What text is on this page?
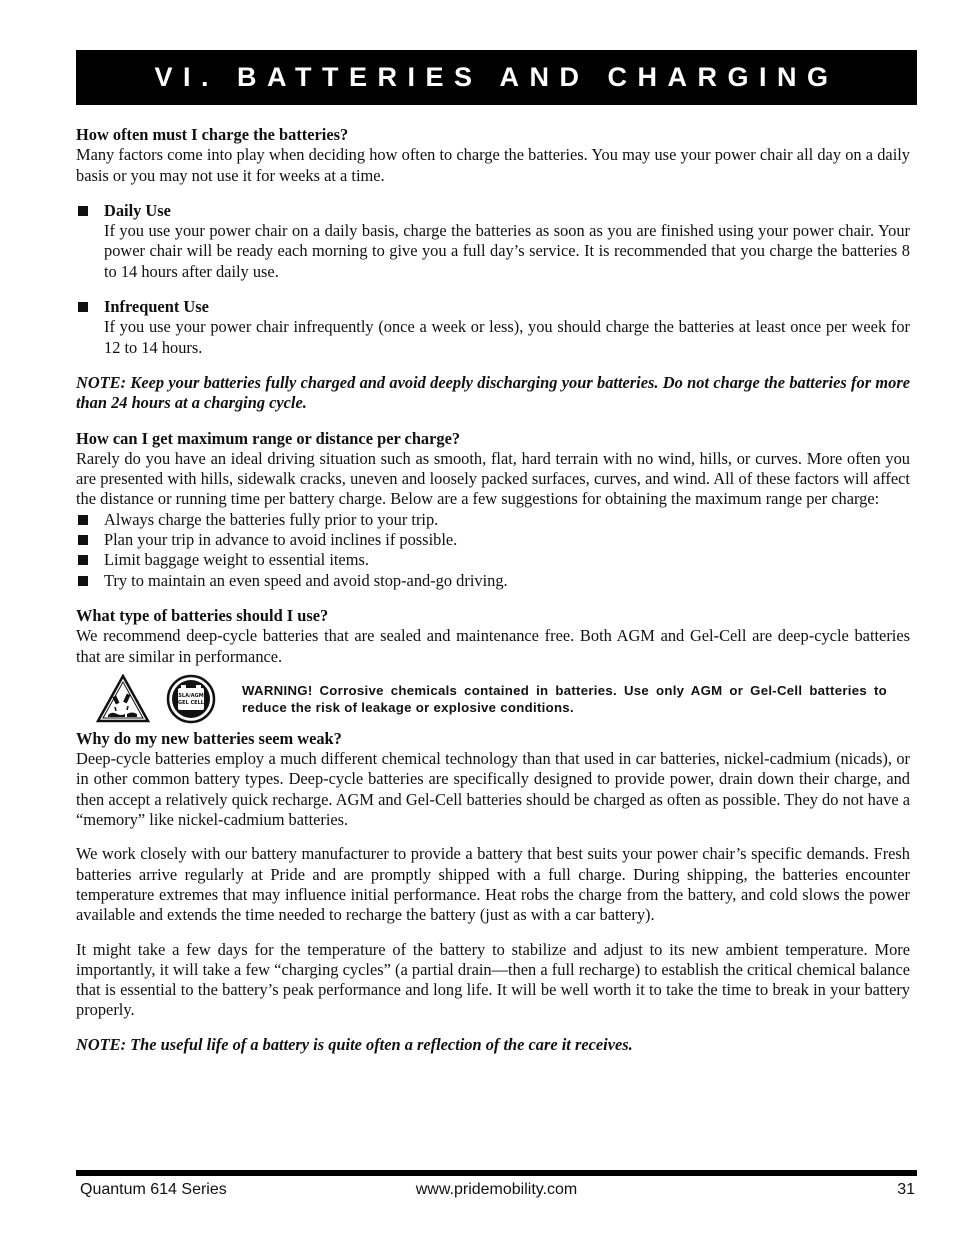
VI. BATTERIES AND CHARGING

How often must I charge the batteries?

Many factors come into play when deciding how often to charge the batteries. You may use your power chair all day on a daily basis or you may not use it for weeks at a time.

Daily Use

If you use your power chair on a daily basis, charge the batteries as soon as you are finished using your power chair. Your power chair will be ready each morning to give you a full day’s service. It is recommended that you charge the batteries 8 to 14 hours after daily use.

Infrequent Use

If you use your power chair infrequently (once a week or less), you should charge the batteries at least once per week for 12 to 14 hours.

NOTE: Keep your batteries fully charged and avoid deeply discharging your batteries. Do not charge the batteries for more than 24 hours at a charging cycle.

How can I get maximum range or distance per charge?

Rarely do you have an ideal driving situation such as smooth, flat, hard terrain with no wind, hills, or curves. More often you are presented with hills, sidewalk cracks, uneven and loosely packed surfaces, curves, and wind. All of these factors will affect the distance or running time per battery charge. Below are a few suggestions for obtaining the maximum range per charge:

Always charge the batteries fully prior to your trip.
Plan your trip in advance to avoid inclines if possible.
Limit baggage weight to essential items.
Try to maintain an even speed and avoid stop-and-go driving.

What type of batteries should I use?

We recommend deep-cycle batteries that are sealed and maintenance free. Both AGM and Gel-Cell are deep-cycle batteries that are similar in performance.

SLA/AGM
GEL CELL

WARNING! Corrosive chemicals contained in batteries. Use only AGM or Gel-Cell batteries to reduce the risk of leakage or explosive conditions.

Why do my new batteries seem weak?

Deep-cycle batteries employ a much different chemical technology than that used in car batteries, nickel-cadmium (nicads), or in other common battery types. Deep-cycle batteries are specifically designed to provide power, drain down their charge, and then accept a relatively quick recharge. AGM and Gel-Cell batteries should be charged as often as possible. They do not have a “memory” like nickel-cadmium batteries.

We work closely with our battery manufacturer to provide a battery that best suits your power chair’s specific demands. Fresh batteries arrive regularly at Pride and are promptly shipped with a full charge. During shipping, the batteries encounter temperature extremes that may influence initial performance. Heat robs the charge from the battery, and cold slows the power available and extends the time needed to recharge the battery (just as with a car battery).

It might take a few days for the temperature of the battery to stabilize and adjust to its new ambient temperature. More importantly, it will take a few “charging cycles” (a partial drain—then a full recharge) to establish the critical chemical balance that is essential to the battery’s peak performance and long life. It will be well worth it to take the time to break in your battery properly.

NOTE: The useful life of a battery is quite often a reflection of the care it receives.

www.pridemobility.com
Quantum 614 Series	31
